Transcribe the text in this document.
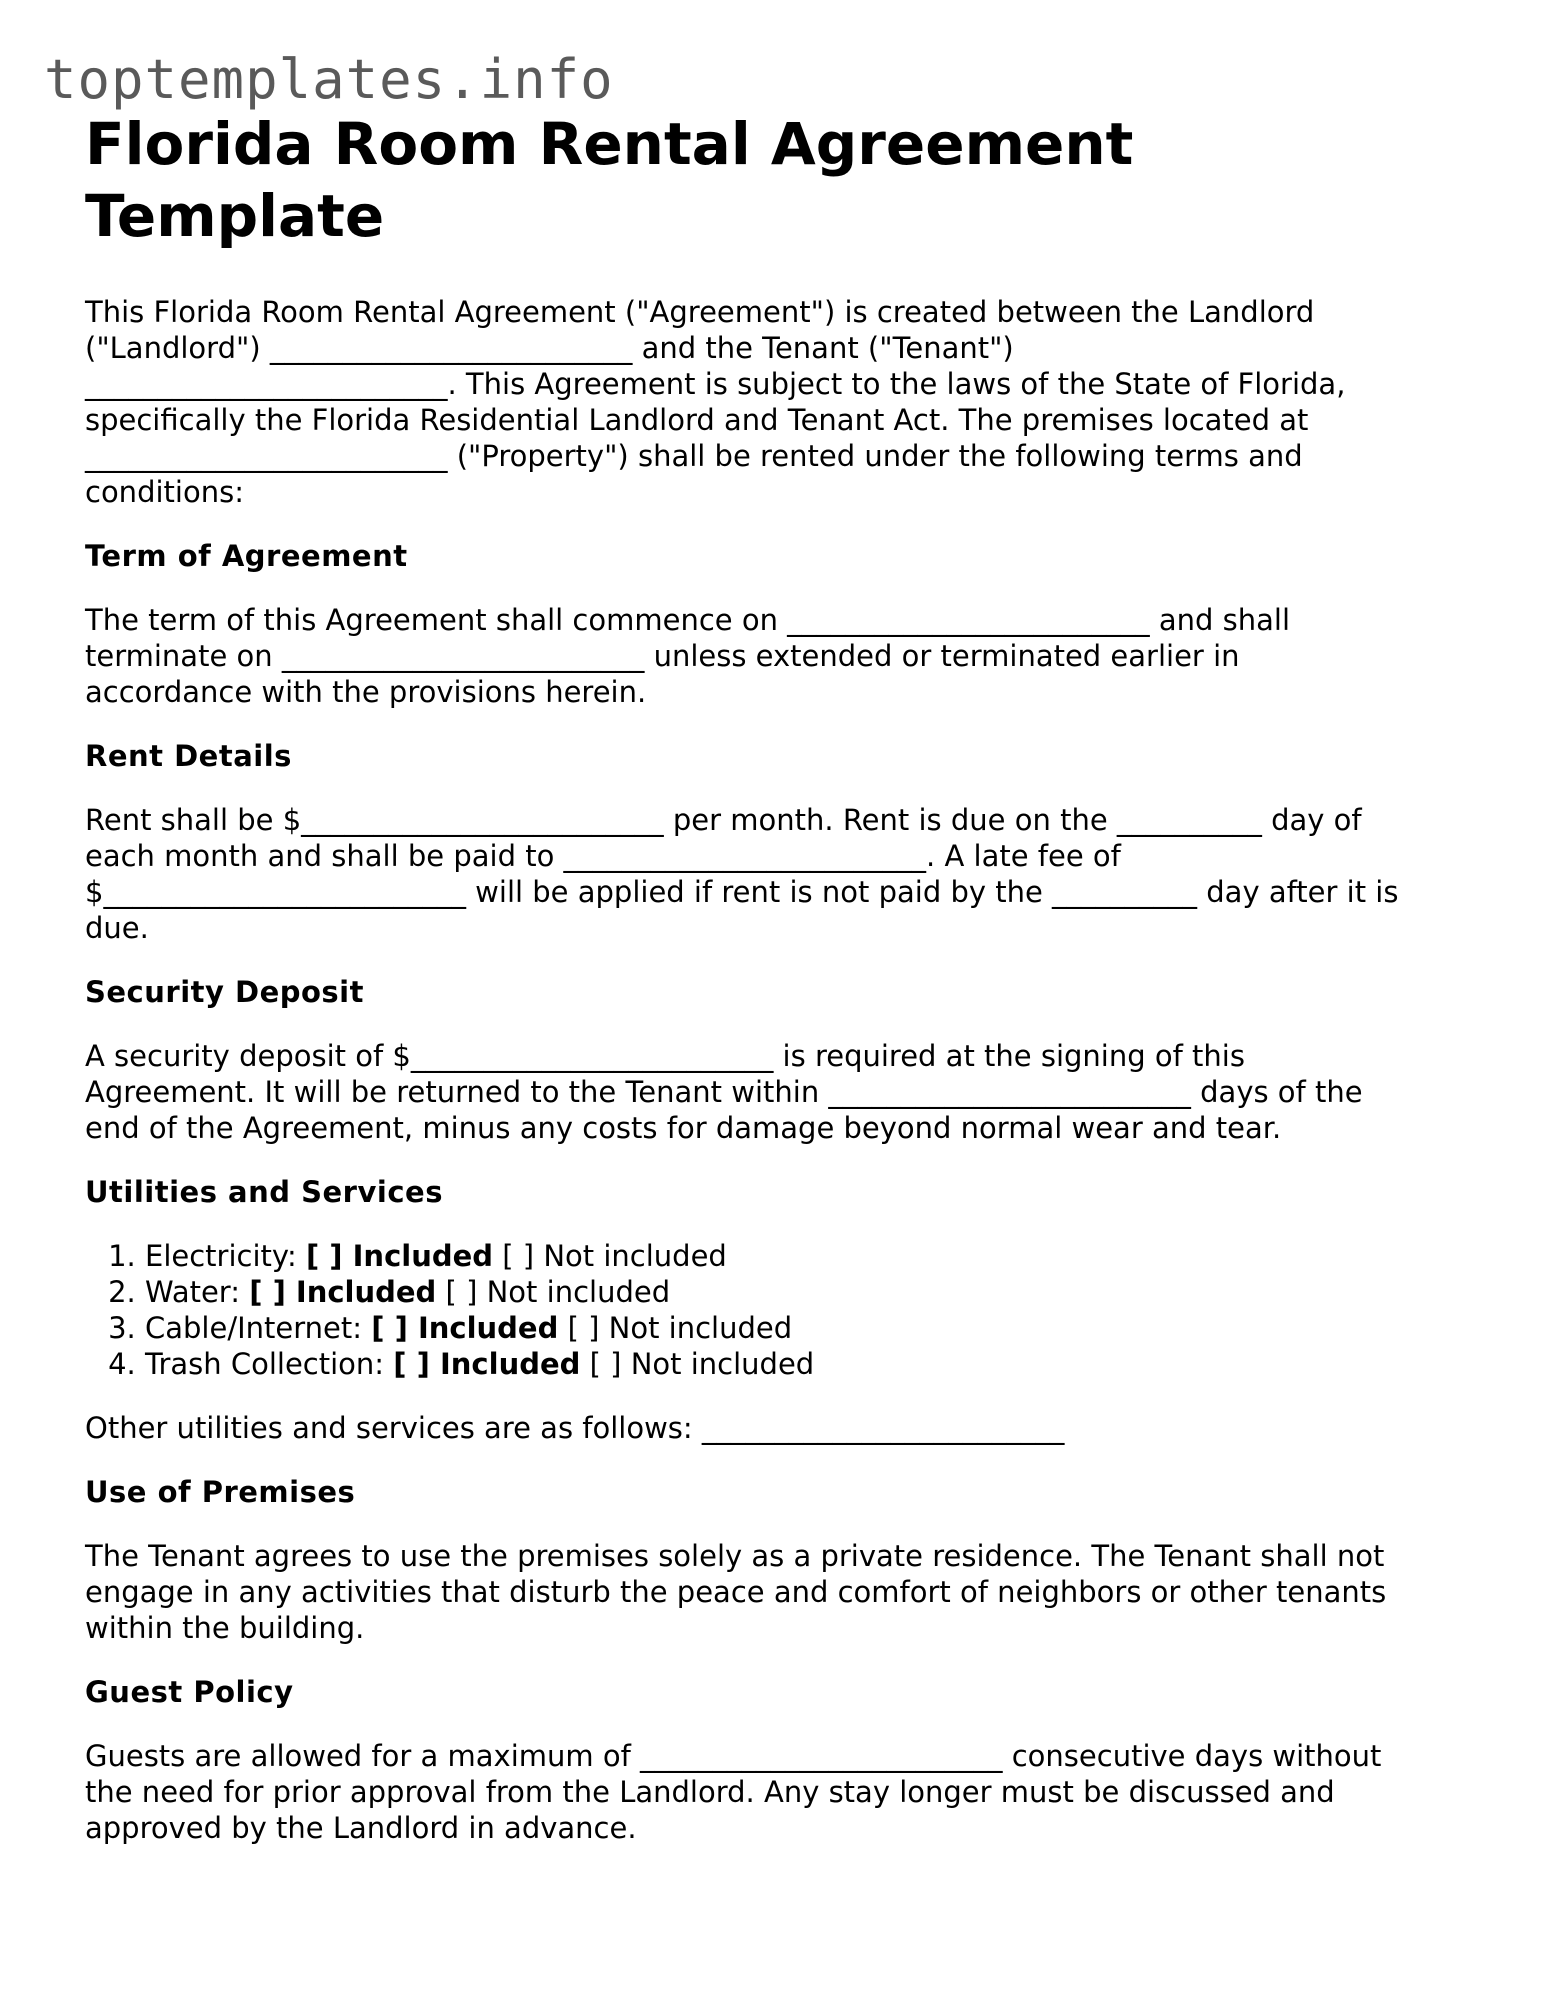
toptemplates.info
Florida Room Rental Agreement
Template
This Florida Room Rental Agreement ("Agreement") is created between the Landlord
("Landlord") _________________________ and the Tenant ("Tenant")
_________________________. This Agreement is subject to the laws of the State of Florida,
specifically the Florida Residential Landlord and Tenant Act. The premises located at
_________________________ ("Property") shall be rented under the following terms and
conditions:
Term of Agreement
The term of this Agreement shall commence on _________________________ and shall
terminate on _________________________ unless extended or terminated earlier in
accordance with the provisions herein.
Rent Details
Rent shall be $_________________________ per month. Rent is due on the __________ day of
each month and shall be paid to _________________________. A late fee of
$_________________________ will be applied if rent is not paid by the __________ day after it is
due.
Security Deposit
A security deposit of $_________________________ is required at the signing of this
Agreement. It will be returned to the Tenant within _________________________ days of the
end of the Agreement, minus any costs for damage beyond normal wear and tear.
Utilities and Services
1. Electricity: [ ] Included [ ] Not included
2. Water: [ ] Included [ ] Not included
3. Cable/Internet: [ ] Included [ ] Not included
4. Trash Collection: [ ] Included [ ] Not included
Other utilities and services are as follows: _________________________
Use of Premises
The Tenant agrees to use the premises solely as a private residence. The Tenant shall not
engage in any activities that disturb the peace and comfort of neighbors or other tenants
within the building.
Guest Policy
Guests are allowed for a maximum of _________________________ consecutive days without
the need for prior approval from the Landlord. Any stay longer must be discussed and
approved by the Landlord in advance.
